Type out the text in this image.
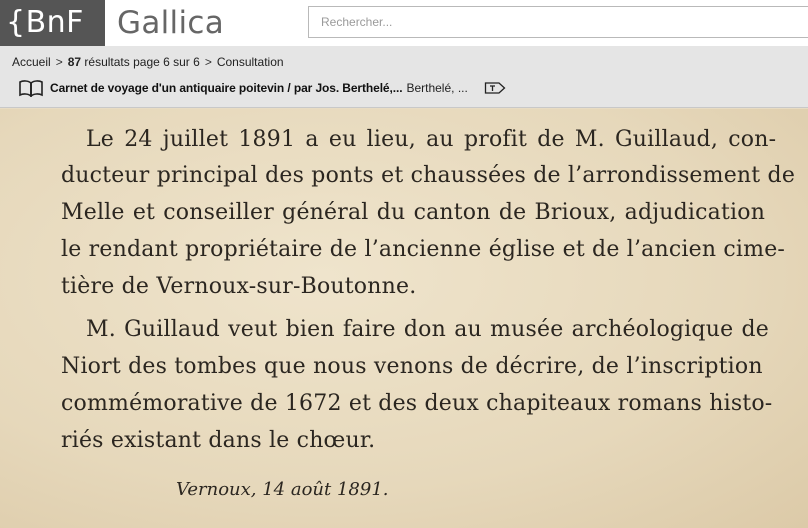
{BnF	Gallica
Rechercher...
Accueil > 87 résultats page 6 sur 6 > Consultation
Carnet de voyage d'un antiquaire poitevin / par Jos. Berthelé,... Berthelé, ...
Le 24 juillet 1891 a eu lieu, au profit de M. Guillaud, con-
ducteur principal des ponts et chaussées de l’arrondissement de
Melle et conseiller général du canton de Brioux, adjudication
le rendant propriétaire de l’ancienne église et de l’ancien cime-
tière de Vernoux-sur-Boutonne.
M. Guillaud veut bien faire don au musée archéologique de
Niort des tombes que nous venons de décrire, de l’inscription
commémorative de 1672 et des deux chapiteaux romans histo-
riés existant dans le chœur.
Vernoux, 14 août 1891.
